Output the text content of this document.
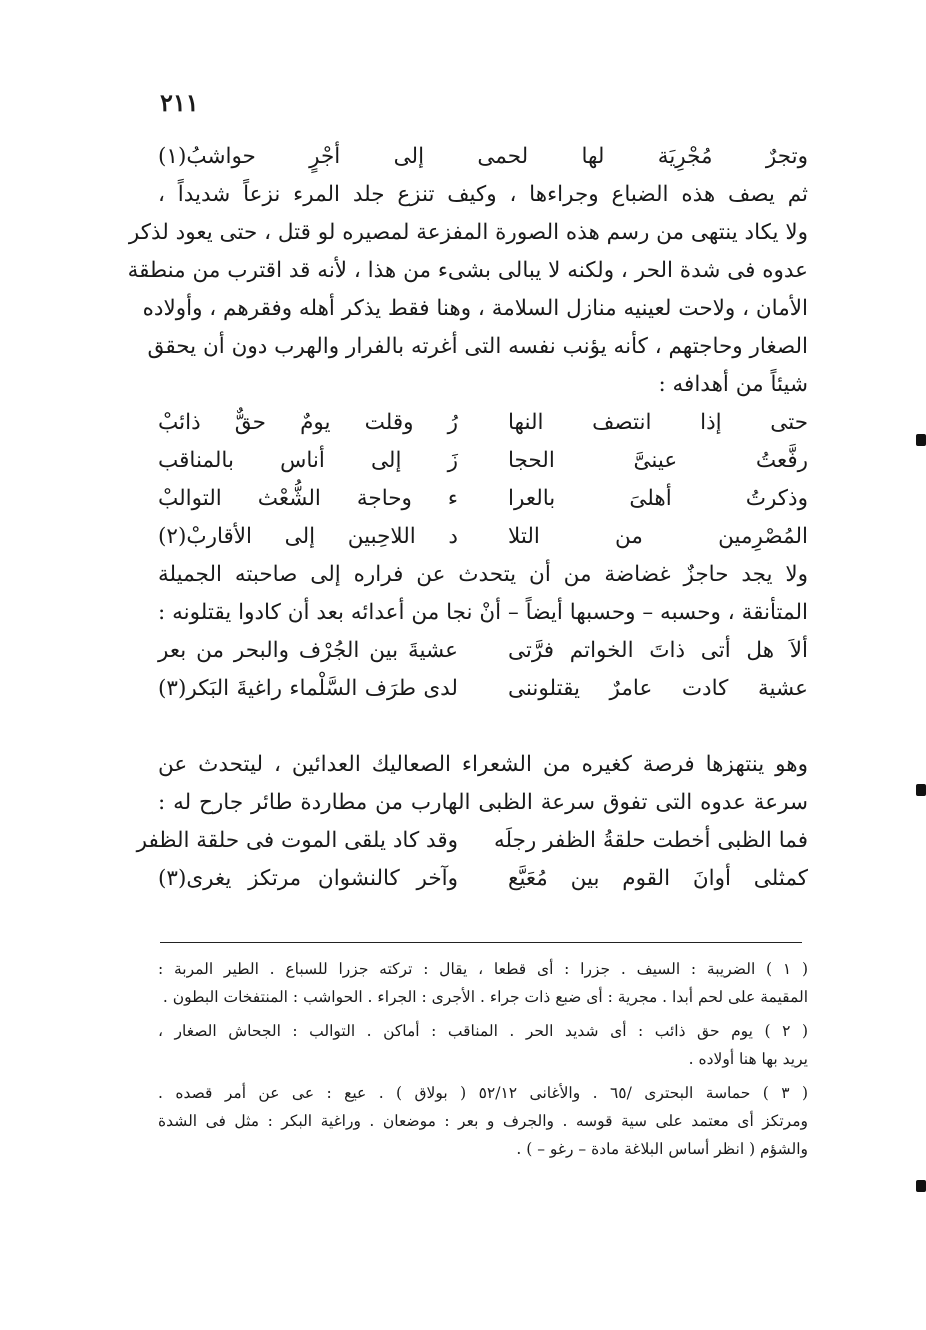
٢١١
وتجرٌ مُجْرِيَة لها لحمى إلى أجْرٍ حواشبُ(١)
ثم يصف هذه الضباع وجراءها ، وكيف تنزع جلد المرء نزعاً شديداً ،
ولا يكاد ينتهى من رسم هذه الصورة المفزعة لمصيره لو قتل ، حتى يعود لذكر
عدوه فى شدة الحر ، ولكنه لا يبالى بشىء من هذا ، لأنه قد اقترب من منطقة
الأمان ، ولاحت لعينيه منازل السلامة ، وهنا فقط يذكر أهله وفقرهم ، وأولاده
الصغار وحاجتهم ، كأنه يؤنب نفسه التى أغرته بالفرار والهرب دون أن يحقق
شيئاً من أهدافه :
حتى إذا انتصف النها
رُ وقلت يومٌ حقٌّ ذائبْ
رفَّعتُ عينىَّ الحجا
زَ إلى أناس بالمناقب
وذكرتُ أهلىَ بالعرا
ء وحاجة الشُّعْث التوالبْ
المُصْرِمين من التلا
د اللاحِبين إلى الأقاربْ(٢)
ولا يجد حاجزٌ غضاضة من أن يتحدث عن فراره إلى صاحبته الجميلة
المتأنقة ، وحسبه – وحسبها أيضاً – أنْ نجا من أعدائه بعد أن كادوا يقتلونه :
ألاَ هل أتى ذاتَ الخواتم فرَّتى
عشيةَ بين الجُرْف والبحر من بعر
عشية كادت عامرٌ يقتلوننى
لدى طرَف السَّلْماء راغيةَ البَكر(٣)
وهو ينتهزها فرصة كغيره من الشعراء الصعاليك العدائين ، ليتحدث عن
سرعة عدوه التى تفوق سرعة الظبى الهارب من مطاردة طائر جارح له :
فما الظبى أخطت حلقةُ الظفر رجلَه
وقد كاد يلقى الموت فى حلقة الظفر
كمثلى أوانَ القوم بين مُعَيَّع
وآخر كالنشوان مرتكز يغرى(٣)
( ١ ) الضريبة : السيف . جزرا : أى قطعا ، يقال : تركته جزرا للسباع . الطير المربة :
المقيمة على لحم أبدا . مجرية : أى ضبع ذات جراء . الأجرى : الجراء . الحواشب : المنتفخات البطون .
( ٢ ) يوم حق ذائب : أى شديد الحر . المناقب : أماكن . التوالب : الجحاش الصغار ،
يريد بها هنا أولاده .
( ٣ ) حماسة البحترى /٦٥ . والأغانى ٥٢/١٢ ( بولاق ) . عيع : عى عن أمر قصده .
ومرتكز أى معتمد على سية قوسه . والجرف و بعر : موضعان . وراغية البكر : مثل فى الشدة
والشؤم ( انظر أساس البلاغة مادة – رغو – ) .
